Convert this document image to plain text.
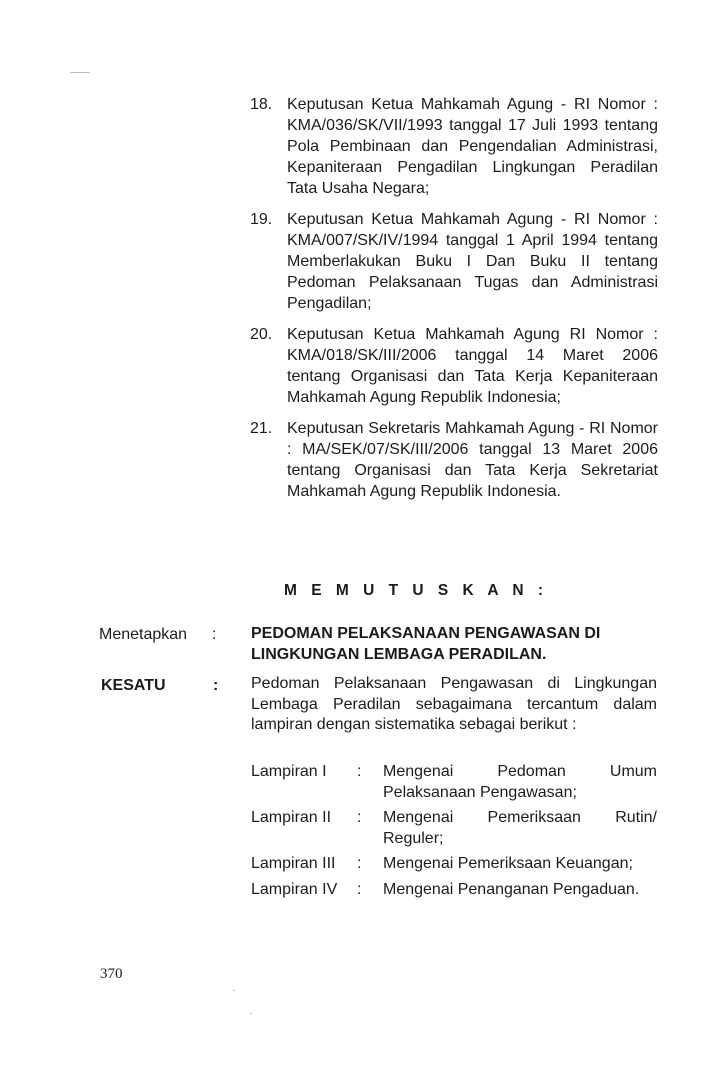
18. Keputusan Ketua Mahkamah Agung - RI Nomor : KMA/036/SK/VII/1993 tanggal 17 Juli 1993 tentang Pola Pembinaan dan Pengendalian Administrasi, Kepaniteraan Pengadilan Lingkungan Peradilan Tata Usaha Negara;
19. Keputusan Ketua Mahkamah Agung - RI Nomor : KMA/007/SK/IV/1994 tanggal 1 April 1994 tentang Memberlakukan Buku I Dan Buku II tentang Pedoman Pelaksanaan Tugas dan Administrasi Pengadilan;
20. Keputusan Ketua Mahkamah Agung RI Nomor : KMA/018/SK/III/2006 tanggal 14 Maret 2006 tentang Organisasi dan Tata Kerja Kepaniteraan Mahkamah Agung Republik Indonesia;
21. Keputusan Sekretaris Mahkamah Agung - RI Nomor : MA/SEK/07/SK/III/2006 tanggal 13 Maret 2006 tentang Organisasi dan Tata Kerja Sekretariat Mahkamah Agung Republik Indonesia.
M E M U T U S K A N :
Menetapkan : PEDOMAN PELAKSANAAN PENGAWASAN DI LINGKUNGAN LEMBAGA PERADILAN.
KESATU	: Pedoman Pelaksanaan Pengawasan di Lingkungan Lembaga Peradilan sebagaimana tercantum dalam lampiran dengan sistematika sebagai berikut :
Lampiran I	:	Mengenai Pedoman Umum Pelaksanaan Pengawasan;
Lampiran II	:	Mengenai Pemeriksaan Rutin/ Reguler;
Lampiran III	:	Mengenai Pemeriksaan Keuangan;
Lampiran IV	:	Mengenai Penanganan Pengaduan.
370
